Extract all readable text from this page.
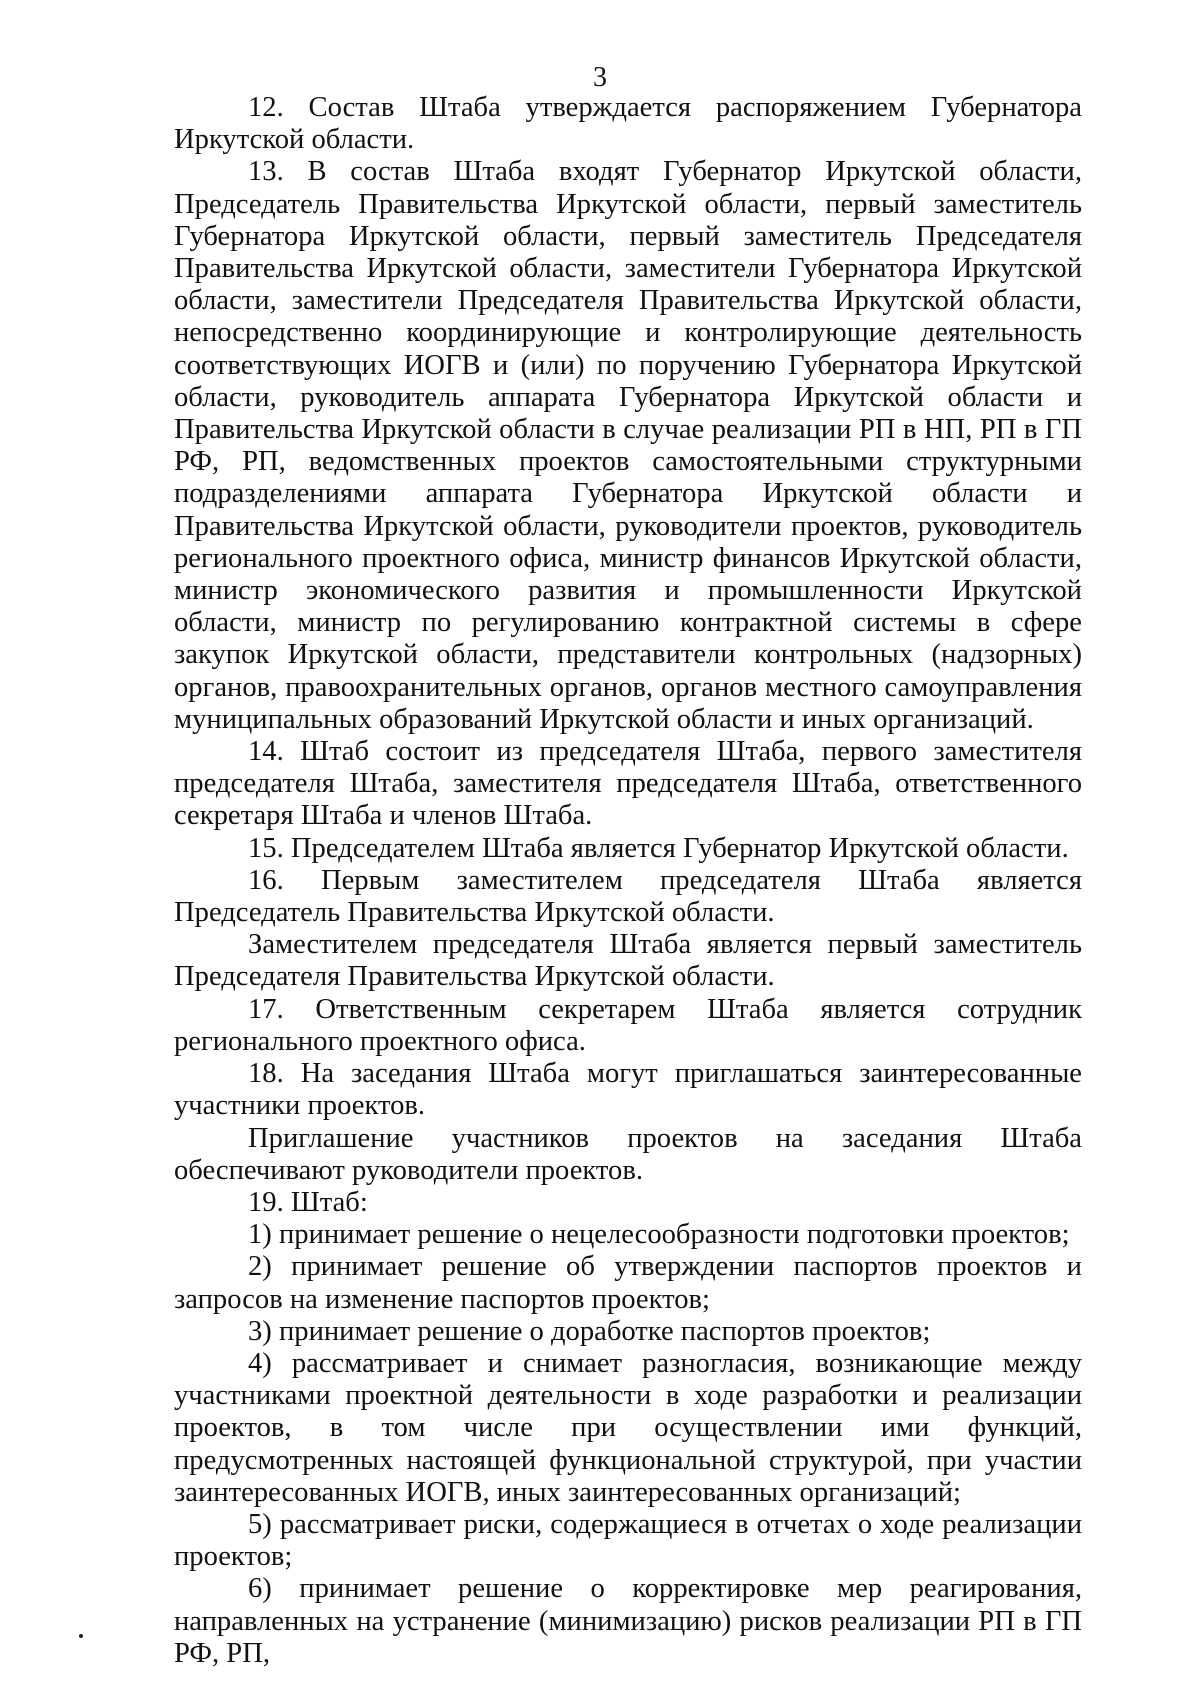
3

12. Состав Штаба утверждается распоряжением Губернатора Иркутской области.

13. В состав Штаба входят Губернатор Иркутской области, Председатель Правительства Иркутской области, первый заместитель Губернатора Иркутской области, первый заместитель Председателя Правительства Иркутской области, заместители Губернатора Иркутской области, заместители Председателя Правительства Иркутской области, непосредственно координирующие и контролирующие деятельность соответствующих ИОГВ и (или) по поручению Губернатора Иркутской области, руководитель аппарата Губернатора Иркутской области и Правительства Иркутской области в случае реализации РП в НП, РП в ГП РФ, РП, ведомственных проектов самостоятельными структурными подразделениями аппарата Губернатора Иркутской области и Правительства Иркутской области, руководители проектов, руководитель регионального проектного офиса, министр финансов Иркутской области, министр экономического развития и промышленности Иркутской области, министр по регулированию контрактной системы в сфере закупок Иркутской области, представители контрольных (надзорных) органов, правоохранительных органов, органов местного самоуправления муниципальных образований Иркутской области и иных организаций.

14. Штаб состоит из председателя Штаба, первого заместителя председателя Штаба, заместителя председателя Штаба, ответственного секретаря Штаба и членов Штаба.

15. Председателем Штаба является Губернатор Иркутской области.

16. Первым заместителем председателя Штаба является Председатель Правительства Иркутской области.

Заместителем председателя Штаба является первый заместитель Председателя Правительства Иркутской области.

17. Ответственным секретарем Штаба является сотрудник регионального проектного офиса.

18. На заседания Штаба могут приглашаться заинтересованные участники проектов.

Приглашение участников проектов на заседания Штаба обеспечивают руководители проектов.

19. Штаб:

1) принимает решение о нецелесообразности подготовки проектов;

2) принимает решение об утверждении паспортов проектов и запросов на изменение паспортов проектов;

3) принимает решение о доработке паспортов проектов;

4) рассматривает и снимает разногласия, возникающие между участниками проектной деятельности в ходе разработки и реализации проектов, в том числе при осуществлении ими функций, предусмотренных настоящей функциональной структурой, при участии заинтересованных ИОГВ, иных заинтересованных организаций;

5) рассматривает риски, содержащиеся в отчетах о ходе реализации проектов;

6) принимает решение о корректировке мер реагирования, направленных на устранение (минимизацию) рисков реализации РП в ГП РФ, РП,
